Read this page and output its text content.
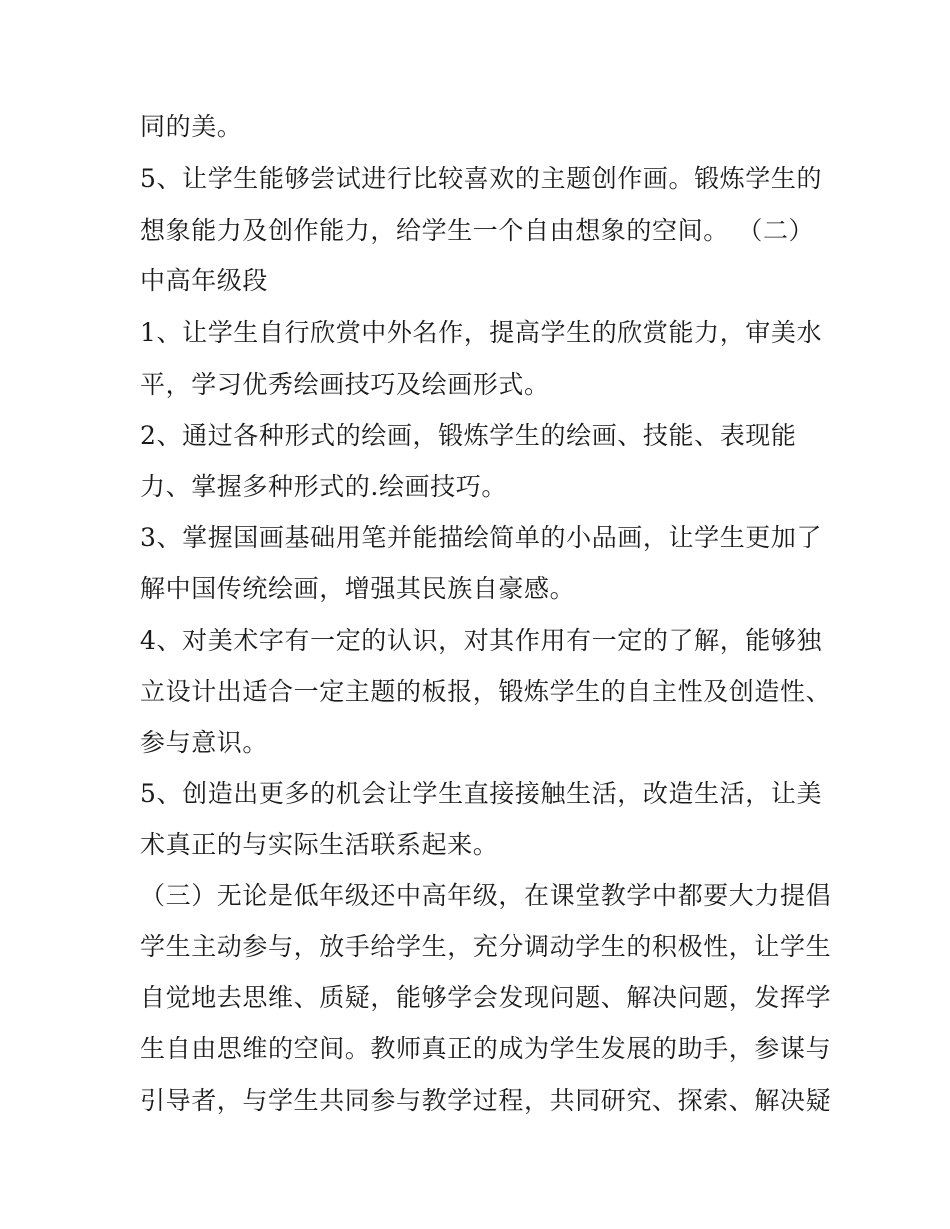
同的美。
5、让学生能够尝试进行比较喜欢的主题创作画。锻炼学生的
想象能力及创作能力，给学生一个自由想象的空间。 （二）
中高年级段
1、让学生自行欣赏中外名作，提高学生的欣赏能力，审美水
平，学习优秀绘画技巧及绘画形式。
2、通过各种形式的绘画，锻炼学生的绘画、技能、表现能
力、掌握多种形式的.绘画技巧。
3、掌握国画基础用笔并能描绘简单的小品画，让学生更加了
解中国传统绘画，增强其民族自豪感。
4、对美术字有一定的认识，对其作用有一定的了解，能够独
立设计出适合一定主题的板报，锻炼学生的自主性及创造性、
参与意识。
5、创造出更多的机会让学生直接接触生活，改造生活，让美
术真正的与实际生活联系起来。
（三）无论是低年级还中高年级，在课堂教学中都要大力提倡
学生主动参与，放手给学生，充分调动学生的积极性，让学生
自觉地去思维、质疑，能够学会发现问题、解决问题，发挥学
生自由思维的空间。教师真正的成为学生发展的助手，参谋与
引导者，与学生共同参与教学过程，共同研究、探索、解决疑
